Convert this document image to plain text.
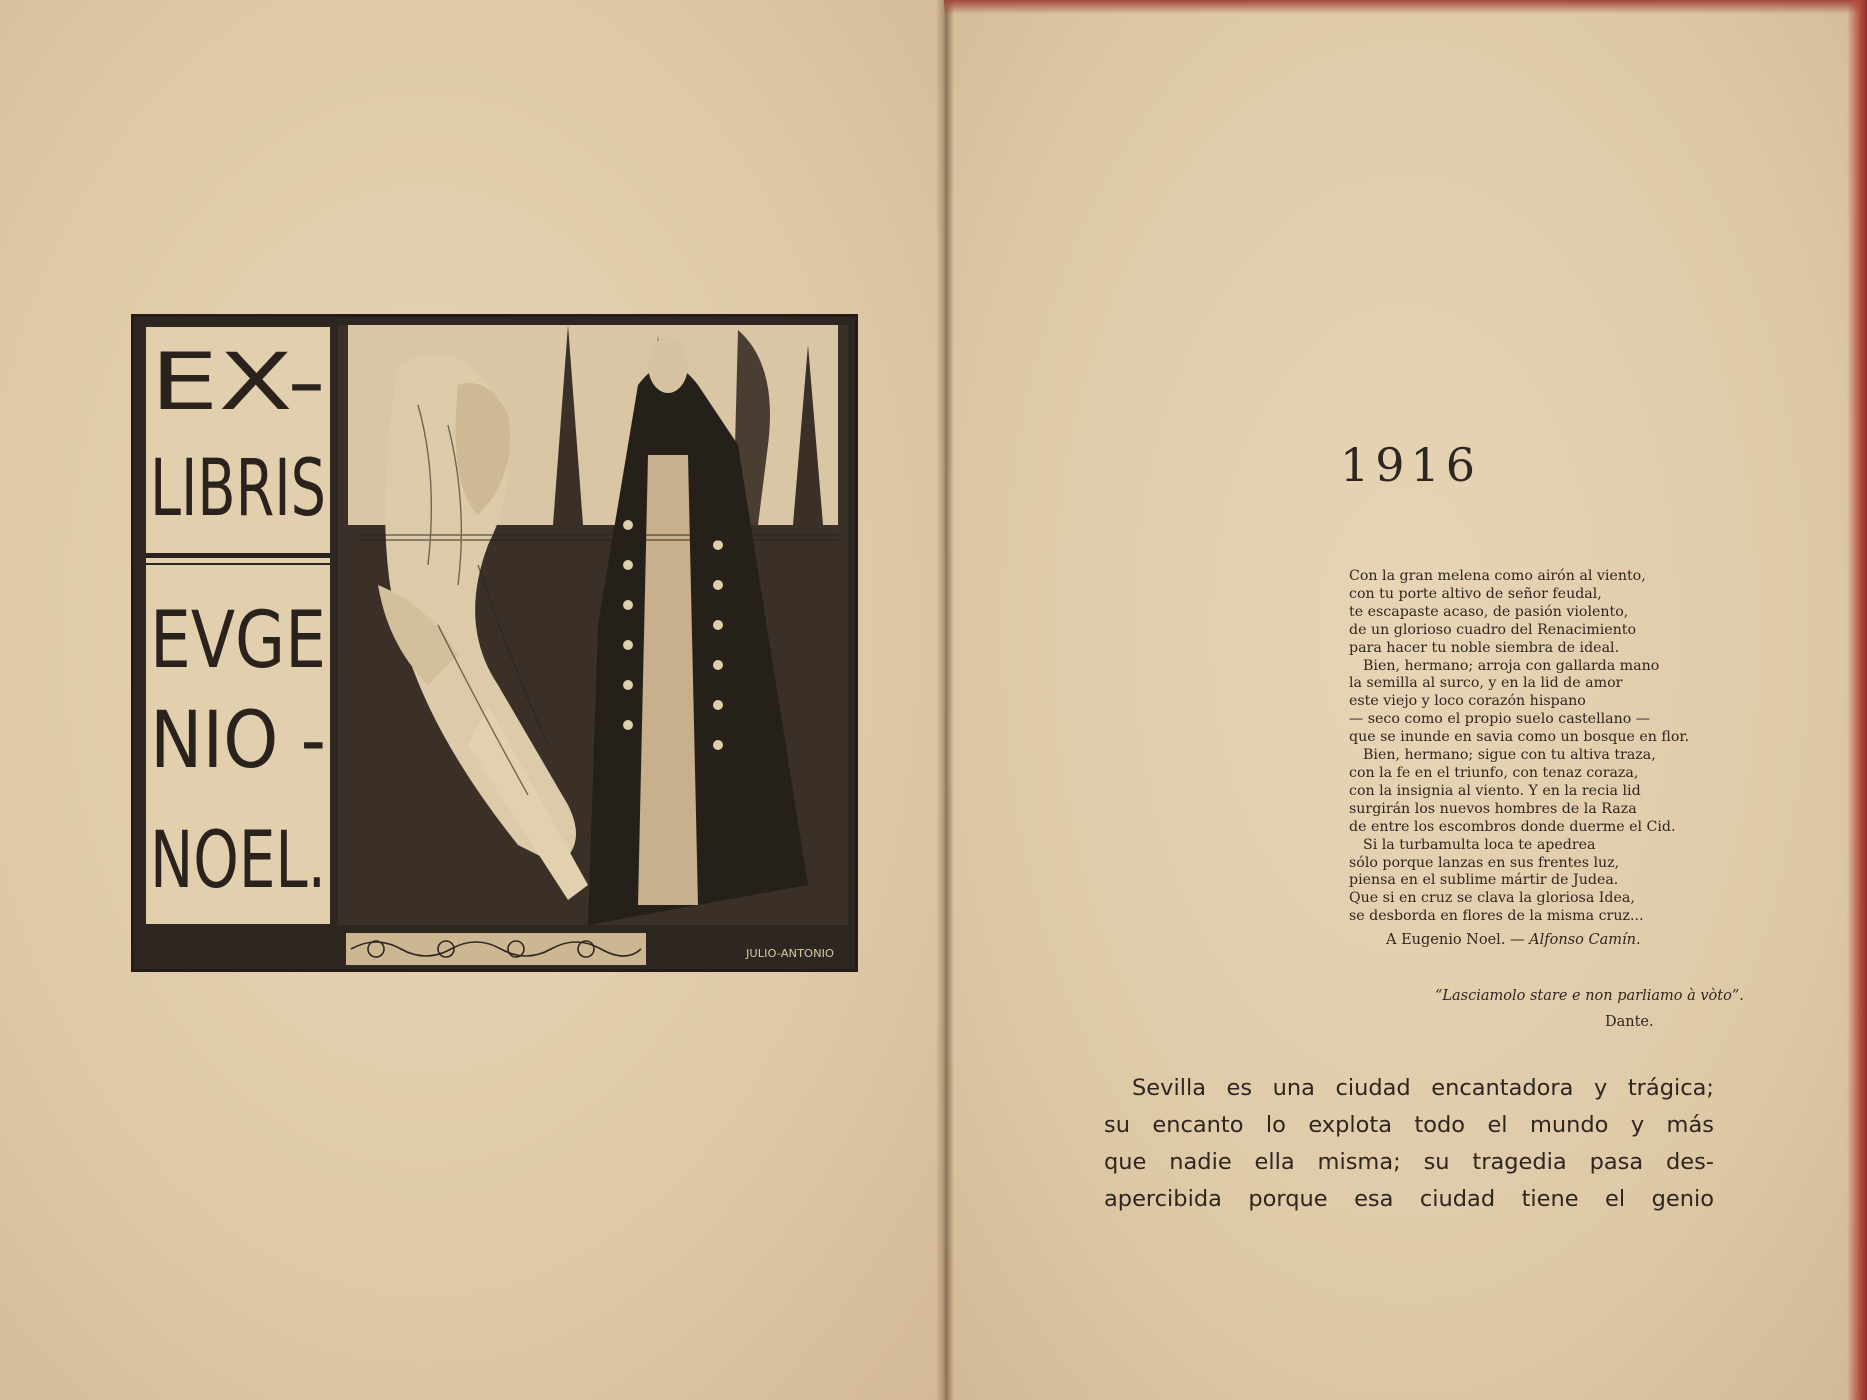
EX-
LIBRIS
EVGE
NIO -
NOEL.
JULIO-ANTONIO
1916
Con la gran melena como airón al viento,
con tu porte altivo de señor feudal,
te escapaste acaso, de pasión violento,
de un glorioso cuadro del Renacimiento
para hacer tu noble siembra de ideal.
Bien, hermano; arroja con gallarda mano
la semilla al surco, y en la lid de amor
este viejo y loco corazón hispano
— seco como el propio suelo castellano —
que se inunde en savia como un bosque en flor.
Bien, hermano; sigue con tu altiva traza,
con la fe en el triunfo, con tenaz coraza,
con la insignia al viento. Y en la recia lid
surgirán los nuevos hombres de la Raza
de entre los escombros donde duerme el Cid.
Si la turbamulta loca te apedrea
sólo porque lanzas en sus frentes luz,
piensa en el sublime mártir de Judea.
Que si en cruz se clava la gloriosa Idea,
se desborda en flores de la misma cruz...
A Eugenio Noel. — Alfonso Camín.
“Lasciamolo stare e non parliamo à vòto”.
Dante.
Sevilla es una ciudad encantadora y trágica;
su encanto lo explota todo el mundo y más
que nadie ella misma; su tragedia pasa des-
apercibida porque esa ciudad tiene el genio
